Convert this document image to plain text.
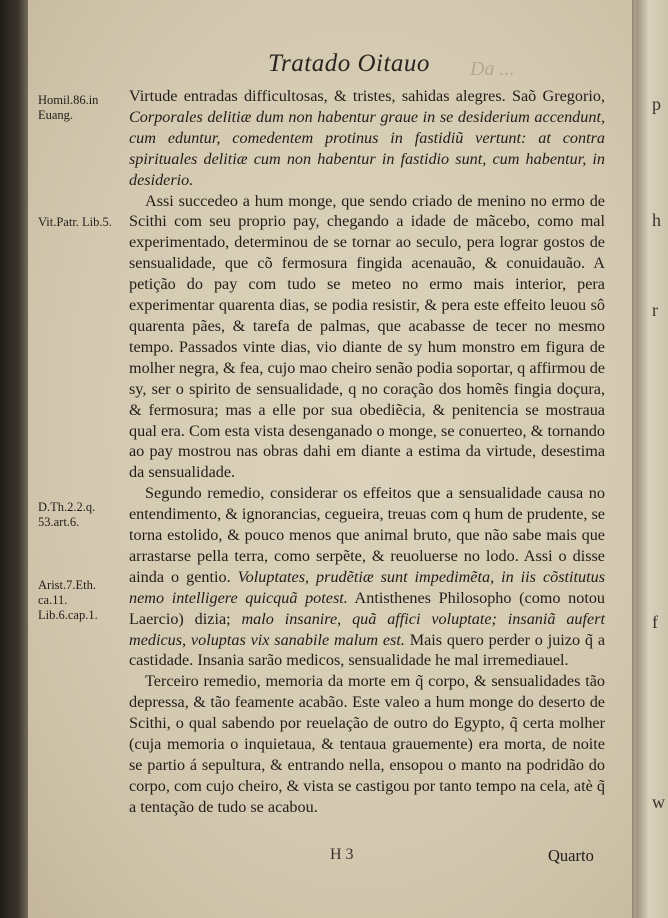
p
h
r
f
w
Da ...
Tratado Oitauo
Homil.86.in Euang.
Vit.Patr. Lib.5.
D.Th.2.2.q. 53.art.6.
Arist.7.Eth. ca.11. Lib.6.cap.1.

Virtude entradas difficultosas, & tristes, sahidas alegres. Saõ Gregorio, Corporales delitiæ dum non habentur graue in se desiderium accendunt, cum eduntur, comedentem protinus in fastidiũ vertunt: at contra spirituales delitiæ cum non habentur in fastidio sunt, cum habentur, in desiderio.

Assi succedeo a hum monge, que sendo criado de menino no ermo de Scithi com seu proprio pay, chegando a idade de mãcebo, como mal experimentado, determinou de se tornar ao seculo, pera lograr gostos de sensualidade, que cõ fermosura fingida acenauão, & conuidauão. A petição do pay com tudo se meteo no ermo mais interior, pera experimentar quarenta dias, se podia resistir, & pera este effeito leuou sô quarenta pães, & tarefa de palmas, que acabasse de tecer no mesmo tempo. Passados vinte dias, vio diante de sy hum monstro em figura de molher negra, & fea, cujo mao cheiro senão podia soportar, q affirmou de sy, ser o spirito de sensualidade, q no coração dos homẽs fingia doçura, & fermosura; mas a elle por sua obediẽcia, & penitencia se mostraua qual era. Com esta vista desenganado o monge, se conuerteo, & tornando ao pay mostrou nas obras dahi em diante a estima da virtude, desestima da sensualidade.

Segundo remedio, considerar os effeitos que a sensualidade causa no entendimento, & ignorancias, cegueira, treuas com q hum de prudente, se torna estolido, & pouco menos que animal bruto, que não sabe mais que arrastarse pella terra, como serpẽte, & reuoluerse no lodo. Assi o disse ainda o gentio. Voluptates, prudẽtiæ sunt impedimẽta, in iis cõstitutus nemo intelligere quicquã potest. Antisthenes Philosopho (como notou Laercio) dizia; malo insanire, quã affici voluptate; insaniã aufert medicus, voluptas vix sanabile malum est. Mais quero perder o juizo q̃ a castidade. Insania sarão medicos, sensualidade he mal irremediauel.

Terceiro remedio, memoria da morte em q̃ corpo, & sensualidades tão depressa, & tão feamente acabão. Este valeo a hum monge do deserto de Scithi, o qual sabendo por reuelação de outro do Egypto, q̃ certa molher (cuja memoria o inquietaua, & tentaua grauemente) era morta, de noite se partio á sepultura, & entrando nella, ensopou o manto na podridão do corpo, com cujo cheiro, & vista se castigou por tanto tempo na cela, atè q̃ a tentação de tudo se acabou.

H 3	Quarto
